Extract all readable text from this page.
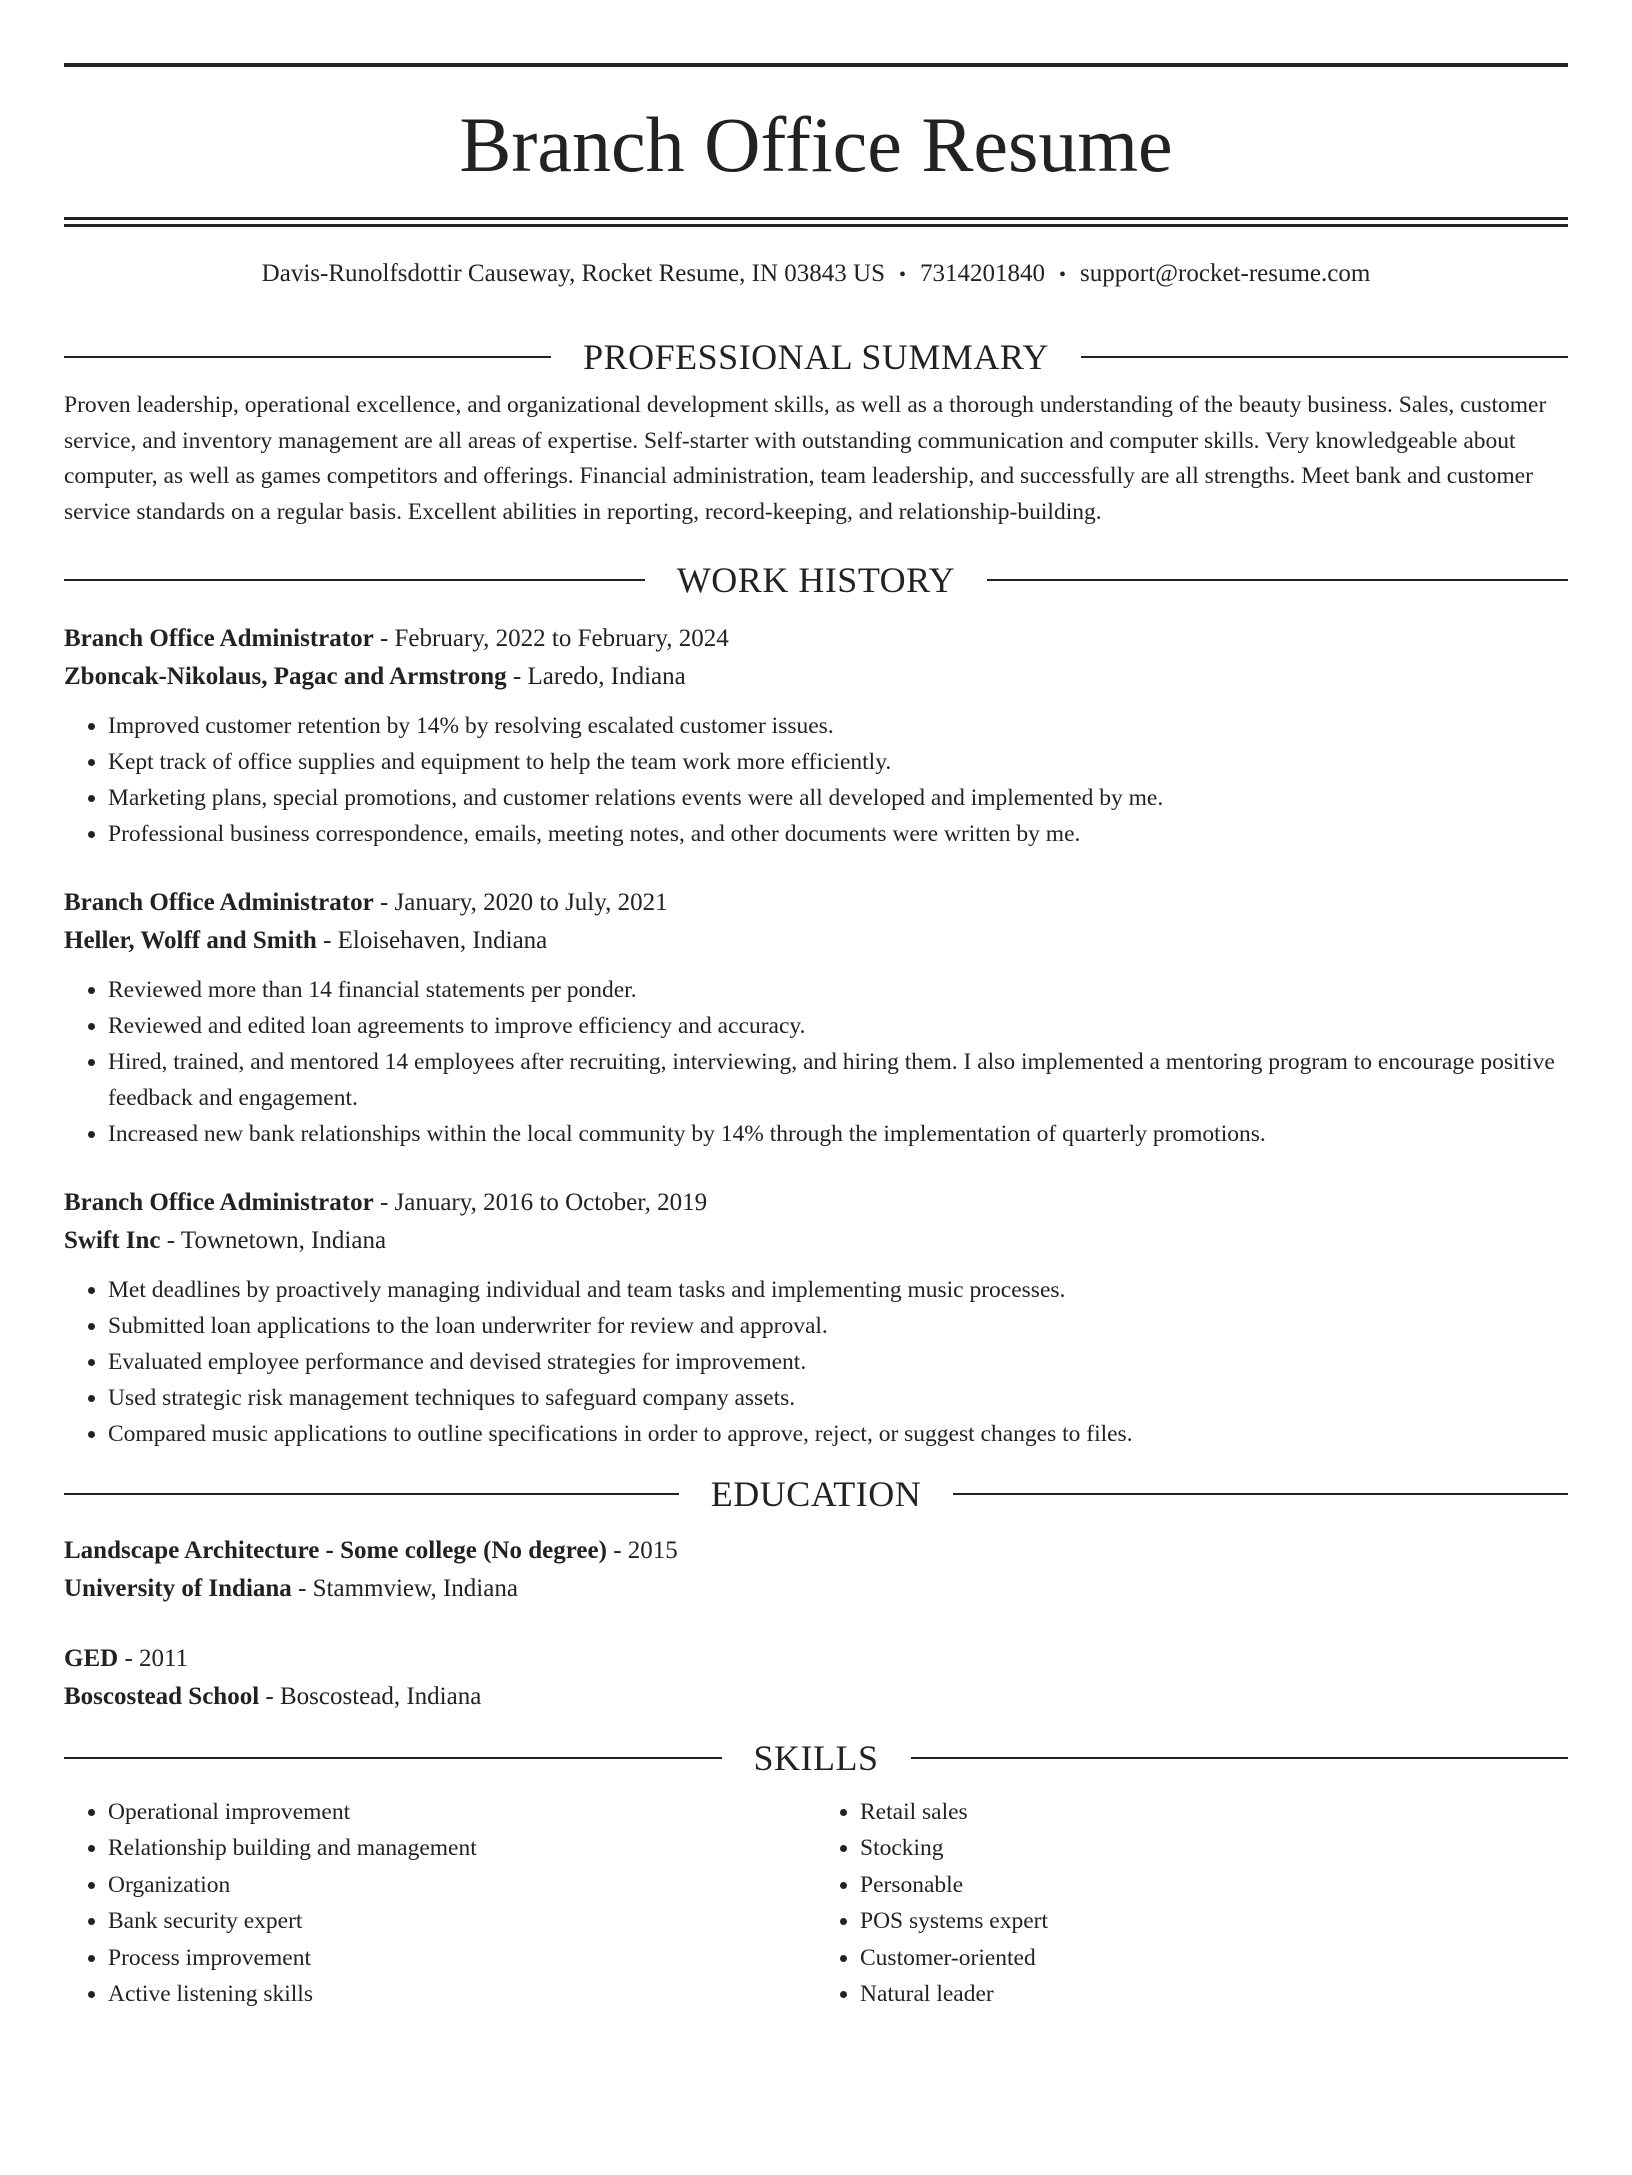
Branch Office Resume
Davis-Runolfsdottir Causeway, Rocket Resume, IN 03843 US • 7314201840 • support@rocket-resume.com
PROFESSIONAL SUMMARY
Proven leadership, operational excellence, and organizational development skills, as well as a thorough understanding of the beauty business. Sales, customer service, and inventory management are all areas of expertise. Self-starter with outstanding communication and computer skills. Very knowledgeable about computer, as well as games competitors and offerings. Financial administration, team leadership, and successfully are all strengths. Meet bank and customer service standards on a regular basis. Excellent abilities in reporting, record-keeping, and relationship-building.
WORK HISTORY
Branch Office Administrator - February, 2022 to February, 2024
Zboncak-Nikolaus, Pagac and Armstrong - Laredo, Indiana
• Improved customer retention by 14% by resolving escalated customer issues.
• Kept track of office supplies and equipment to help the team work more efficiently.
• Marketing plans, special promotions, and customer relations events were all developed and implemented by me.
• Professional business correspondence, emails, meeting notes, and other documents were written by me.
Branch Office Administrator - January, 2020 to July, 2021
Heller, Wolff and Smith - Eloisehaven, Indiana
• Reviewed more than 14 financial statements per ponder.
• Reviewed and edited loan agreements to improve efficiency and accuracy.
• Hired, trained, and mentored 14 employees after recruiting, interviewing, and hiring them. I also implemented a mentoring program to encourage positive feedback and engagement.
• Increased new bank relationships within the local community by 14% through the implementation of quarterly promotions.
Branch Office Administrator - January, 2016 to October, 2019
Swift Inc - Townetown, Indiana
• Met deadlines by proactively managing individual and team tasks and implementing music processes.
• Submitted loan applications to the loan underwriter for review and approval.
• Evaluated employee performance and devised strategies for improvement.
• Used strategic risk management techniques to safeguard company assets.
• Compared music applications to outline specifications in order to approve, reject, or suggest changes to files.
EDUCATION
Landscape Architecture - Some college (No degree) - 2015
University of Indiana - Stammview, Indiana
GED - 2011
Boscostead School - Boscostead, Indiana
SKILLS
• Operational improvement
• Relationship building and management
• Organization
• Bank security expert
• Process improvement
• Active listening skills
• Retail sales
• Stocking
• Personable
• POS systems expert
• Customer-oriented
• Natural leader
